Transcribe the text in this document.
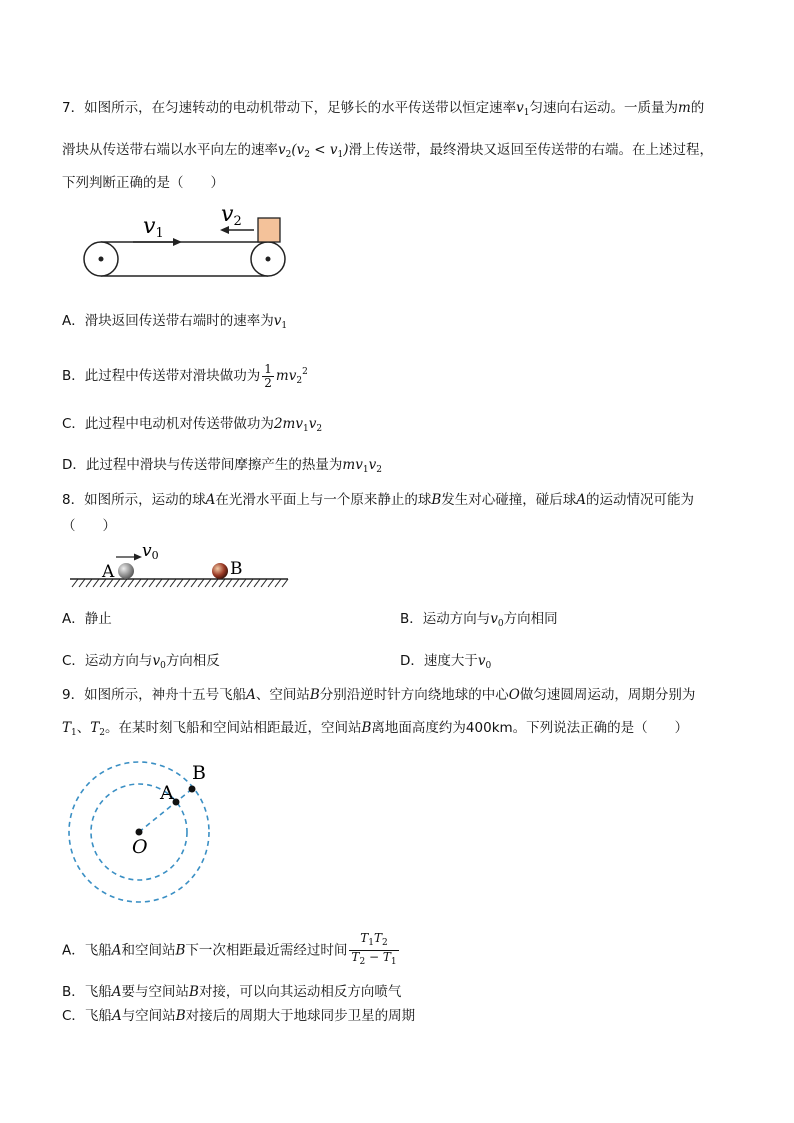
7．如图所示，在匀速转动的电动机带动下，足够长的水平传送带以恒定速率$v_1$匀速向右运动。一质量为m的
滑块从传送带右端以水平向左的速率$v_2(v_2 < v_1)$滑上传送带，最终滑块又返回至传送带的右端。在上述过程，
下列判断正确的是（　　）
v1
v2
A．滑块返回传送带右端时的速率为$v_1$
B．此过程中传送带对滑块做功为 $\frac{1}{2} mv_2^2$
C．此过程中电动机对传送带做功为$2mv_1v_2$
D．此过程中滑块与传送带间摩擦产生的热量为$mv_1v_2$
8．如图所示，运动的球A在光滑水平面上与一个原来静止的球B发生对心碰撞，碰后球A的运动情况可能为
（　　）
A	B
v0
A．静止	B．运动方向与$v_0$方向相同
C．运动方向与$v_0$方向相反	D．速度大于$v_0$
9．如图所示，神舟十五号飞船A、空间站B分别沿逆时针方向绕地球的中心O做匀速圆周运动，周期分别为
$T_1$、$T_2$。在某时刻飞船和空间站相距最近，空间站B离地面高度约为400km。下列说法正确的是（　　）
A
B
O
A．飞船A和空间站B下一次相距最近需经过时间 $\frac{T_1T_2}{T_2 - T_1}$
B．飞船A要与空间站B对接，可以向其运动相反方向喷气
C．飞船A与空间站B对接后的周期大于地球同步卫星的周期
